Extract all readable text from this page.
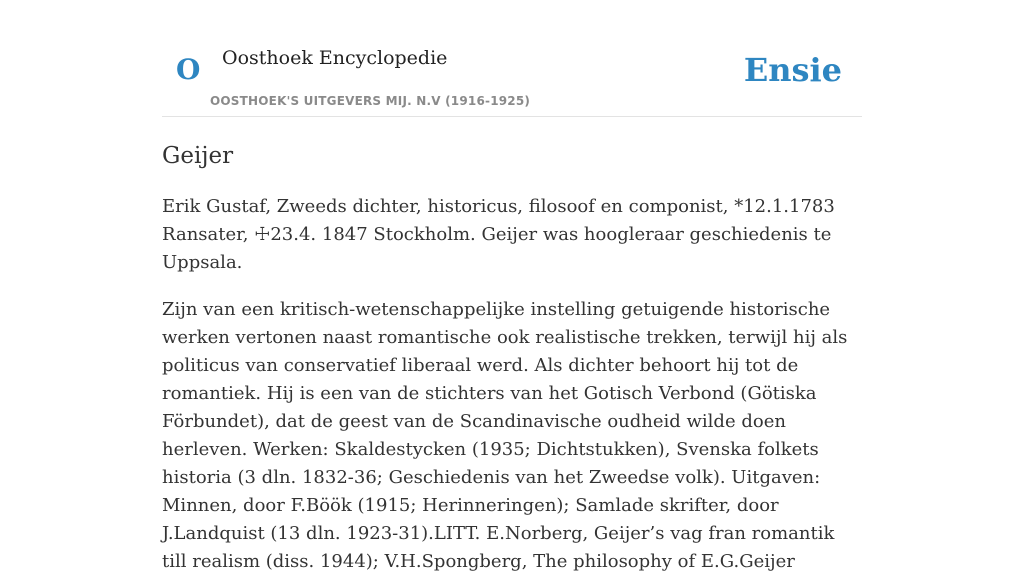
O Oosthoek Encyclopedie
OOSTHOEK'S UITGEVERS MIJ. N.V (1916-1925)
Ensie
Geijer

Erik Gustaf, Zweeds dichter, historicus, filosoof en componist, *12.1.1783 Ransater, ☩23.4. 1847 Stockholm. Geijer was hoogleraar geschiedenis te Uppsala.

Zijn van een kritisch-wetenschappelijke instelling getuigende historische werken vertonen naast romantische ook realistische trekken, terwijl hij als politicus van conservatief liberaal werd. Als dichter behoort hij tot de romantiek. Hij is een van de stichters van het Gotisch Verbond (Götiska Förbundet), dat de geest van de Scandinavische oudheid wilde doen herleven. Werken: Skaldestycken (1935; Dichtstukken), Svenska folkets historia (3 dln. 1832-36; Geschiedenis van het Zweedse volk). Uitgaven: Minnen, door F.Böök (1915; Herinneringen); Samlade skrifter, door J.Landquist (13 dln. 1923-31).LITT. E.Norberg, Geijer’s vag fran romantik till realism (diss. 1944); V.H.Spongberg, The philosophy of E.G.Geijer
